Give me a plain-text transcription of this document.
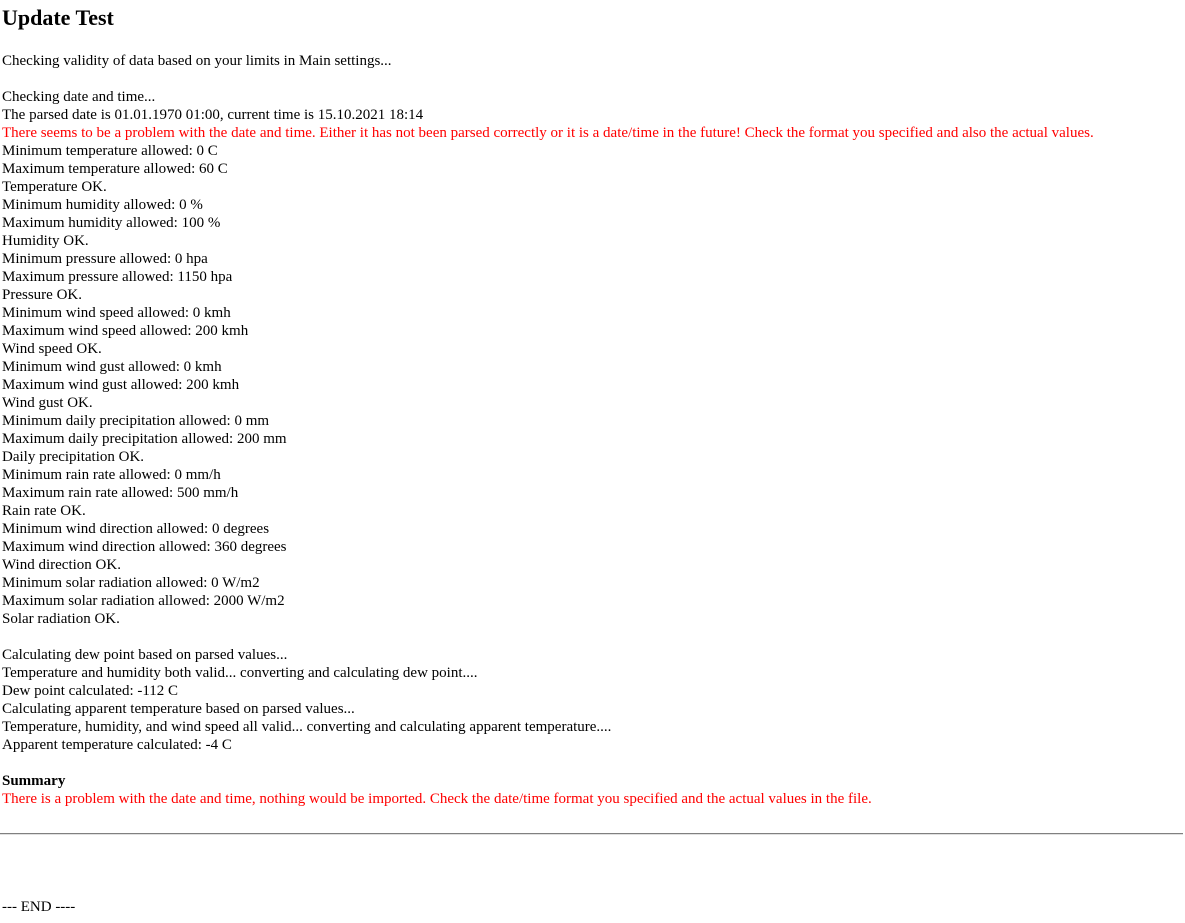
Update Test
Checking validity of data based on your limits in Main settings...
Checking date and time...
The parsed date is 01.01.1970 01:00, current time is 15.10.2021 18:14
There seems to be a problem with the date and time. Either it has not been parsed correctly or it is a date/time in the future! Check the format you specified and also the actual values.
Minimum temperature allowed: 0 C
Maximum temperature allowed: 60 C
Temperature OK.
Minimum humidity allowed: 0 %
Maximum humidity allowed: 100 %
Humidity OK.
Minimum pressure allowed: 0 hpa
Maximum pressure allowed: 1150 hpa
Pressure OK.
Minimum wind speed allowed: 0 kmh
Maximum wind speed allowed: 200 kmh
Wind speed OK.
Minimum wind gust allowed: 0 kmh
Maximum wind gust allowed: 200 kmh
Wind gust OK.
Minimum daily precipitation allowed: 0 mm
Maximum daily precipitation allowed: 200 mm
Daily precipitation OK.
Minimum rain rate allowed: 0 mm/h
Maximum rain rate allowed: 500 mm/h
Rain rate OK.
Minimum wind direction allowed: 0 degrees
Maximum wind direction allowed: 360 degrees
Wind direction OK.
Minimum solar radiation allowed: 0 W/m2
Maximum solar radiation allowed: 2000 W/m2
Solar radiation OK.
Calculating dew point based on parsed values...
Temperature and humidity both valid... converting and calculating dew point....
Dew point calculated: -112 C
Calculating apparent temperature based on parsed values...
Temperature, humidity, and wind speed all valid... converting and calculating apparent temperature....
Apparent temperature calculated: -4 C
Summary
There is a problem with the date and time, nothing would be imported. Check the date/time format you specified and the actual values in the file.
--- END ----
